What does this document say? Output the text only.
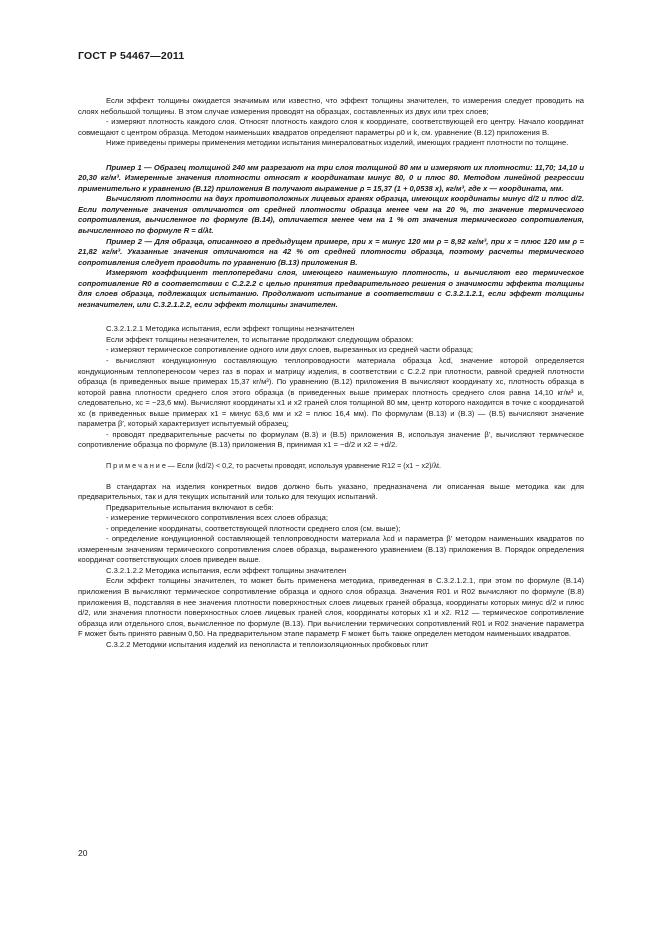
ГОСТ Р 54467—2011

Если эффект толщины ожидается значимым или известно, что эффект толщины значителен, то измерения следует проводить на слоях небольшой толщины. В этом случае измерения проводят на образцах, составленных из двух или трех слоев;

- измеряют плотность каждого слоя. Относят плотность каждого слоя к координате, соответствующей его центру. Начало координат совмещают с центром образца. Методом наименьших квадратов определяют параметры ρ0 и k, см. уравнение (В.12) приложения В.

Ниже приведены примеры применения методики испытания минераловатных изделий, имеющих градиент плотности по толщине.

Пример 1 — Образец толщиной 240 мм разрезают на три слоя толщиной 80 мм и измеряют их плотности: 11,70; 14,10 и 20,30 кг/м³. Измеренные значения плотности относят к координатам минус 80, 0 и плюс 80. Методом линейной регрессии применительно к уравнению (В.12) приложения В получают выражение ρ = 15,37 (1 + 0,0538 x), кг/м³, где x — координата, мм.

Вычисляют плотности на двух противоположных лицевых гранях образца, имеющих координаты минус d/2 и плюс d/2. Если полученные значения отличаются от средней плотности образца менее чем на 20 %, то значение термического сопротивления, вычисленное по формуле (В.14), отличается менее чем на 1 % от значения термического сопротивления, вычисленного по формуле R = d/λt.

Пример 2 — Для образца, описанного в предыдущем примере, при x = минус 120 мм ρ = 8,92 кг/м³, при x = плюс 120 мм ρ = 21,82 кг/м³. Указанные значения отличаются на 42 % от средней плотности образца, поэтому расчеты термического сопротивления следует проводить по уравнению (В.13) приложения В.

Измеряют коэффициент теплопередачи слоя, имеющего наименьшую плотность, и вычисляют его термическое сопротивление R0 в соответствии с С.2.2.2 с целью принятия предварительного решения о значимости эффекта толщины для слоев образца, подлежащих испытанию. Продолжают испытание в соответствии с С.3.2.1.2.1, если эффект толщины незначителен, или С.3.2.1.2.2, если эффект толщины значителен.

С.3.2.1.2.1 Методика испытания, если эффект толщины незначителен

Если эффект толщины незначителен, то испытание продолжают следующим образом:

- измеряют термическое сопротивление одного или двух слоев, вырезанных из средней части образца;

- вычисляют кондукционную составляющую теплопроводности материала образца λcd, значение которой определяется кондукционным теплопереносом через газ в порах и матрицу изделия, в соответствии с С.2.2 при плотности, равной средней плотности образца (в приведенных выше примерах 15,37 кг/м³). По уравнению (В.12) приложения В вычисляют координату xc, плотность образца в которой равна плотности среднего слоя этого образца (в приведенных выше примерах плотность среднего слоя равна 14,10 кг/м³ и, следовательно, xc = −23,6 мм). Вычисляют координаты x1 и x2 граней слоя толщиной 80 мм, центр которого находится в точке с координатой xc (в приведенных выше примерах x1 = минус 63,6 мм и x2 = плюс 16,4 мм). По формулам (В.13) и (В.3) — (В.5) вычисляют значение параметра β′, который характеризует испытуемый образец;

- проводят предварительные расчеты по формулам (В.3) и (В.5) приложения В, используя значение β′, вычисляют термическое сопротивление образца по формуле (В.13) приложения В, принимая x1 = −d/2 и x2 = +d/2.

П р и м е ч а н и е — Если (kd/2) < 0,2, то расчеты проводят, используя уравнение R12 = (x1 − x2)/λt.

В стандартах на изделия конкретных видов должно быть указано, предназначена ли описанная выше методика как для предварительных, так и для текущих испытаний или только для текущих испытаний.

Предварительные испытания включают в себя:

- измерение термического сопротивления всех слоев образца;

- определение координаты, соответствующей плотности среднего слоя (см. выше);

- определение кондукционной составляющей теплопроводности материала λcd и параметра β′ методом наименьших квадратов по измеренным значениям термического сопротивления слоев образца, выраженного уравнением (В.13) приложения В. Порядок определения координат соответствующих слоев приведен выше.

С.3.2.1.2.2 Методика испытания, если эффект толщины значителен

Если эффект толщины значителен, то может быть применена методика, приведенная в С.3.2.1.2.1, при этом по формуле (В.14) приложения В вычисляют термическое сопротивление образца и одного слоя образца. Значения R01 и R02 вычисляют по формуле (В.8) приложения В, подставляя в нее значения плотности поверхностных слоев лицевых граней образца, координаты которых минус d/2 и плюс d/2, или значения плотности поверхностных слоев лицевых граней слоя, координаты которых x1 и x2. R12 — термическое сопротивление образца или отдельного слоя, вычисленное по формуле (В.13). При вычислении термических сопротивлений R01 и R02 значение параметра F может быть принято равным 0,50. На предварительном этапе параметр F может быть также определен методом наименьших квадратов.

С.3.2.2 Методики испытания изделий из пенопласта и теплоизоляционных пробковых плит

20
